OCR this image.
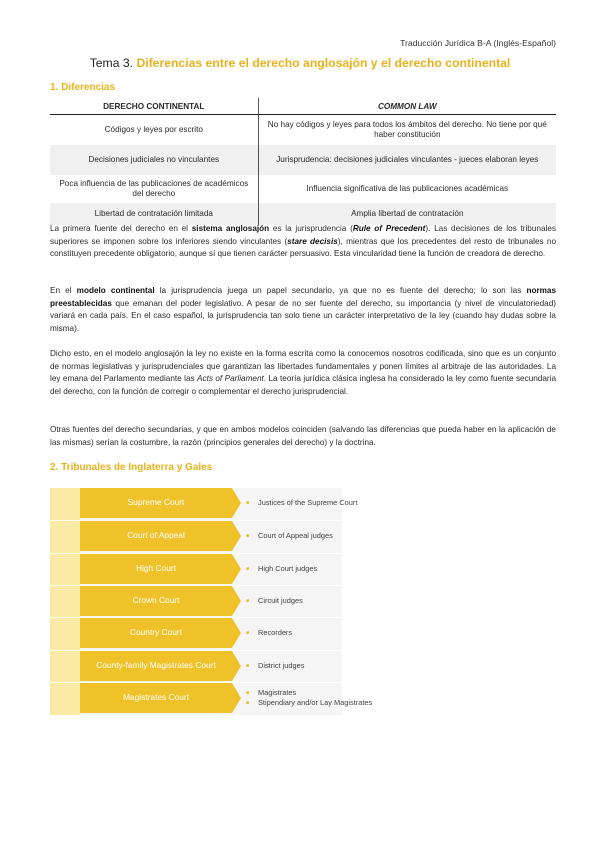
Traducción Jurídica B-A (Inglés-Español)
Tema 3. Diferencias entre el derecho anglosajón y el derecho continental
1. Diferencias
DERECHO CONTINENTAL	COMMON LAW
Códigos y leyes por escrito	No hay códigos y leyes para todos los ámbitos del derecho. No tiene por qué haber constitución
Decisiones judiciales no vinculantes	Jurisprudencia: decisiones judiciales vinculantes - jueces elaboran leyes
Poca influencia de las publicaciones de académicos del derecho	Influencia significativa de las publicaciones académicas
Libertad de contratación limitada	Amplia libertad de contratación

La primera fuente del derecho en el sistema anglosajón es la jurisprudencia (Rule of Precedent). Las decisiones de los tribunales superiores se imponen sobre los inferiores siendo vinculantes (stare decisis), mientras que los precedentes del resto de tribunales no constituyen precedente obligatorio, aunque sí que tienen carácter persuasivo. Esta vincularidad tiene la función de creadora de derecho.

En el modelo continental la jurisprudencia juega un papel secundario, ya que no es fuente del derecho; lo son las normas preestablecidas que emanan del poder legislativo. A pesar de no ser fuente del derecho, su importancia (y nivel de vinculatoriedad) variará en cada país. En el caso español, la jurisprudencia tan solo tiene un carácter interpretativo de la ley (cuando hay dudas sobre la misma).

Dicho esto, en el modelo anglosajón la ley no existe en la forma escrita como la conocemos nosotros codificada, sino que es un conjunto de normas legislativas y jurisprudenciales que garantizan las libertades fundamentales y ponen límites al arbitraje de las autoridades. La ley emana del Parlamento mediante las Acts of Parliament. La teoría jurídica clásica inglesa ha considerado la ley como fuente secundaria del derecho, con la función de corregir o complementar el derecho jurisprudencial.

Otras fuentes del derecho secundarias, y que en ambos modelos coinciden (salvando las diferencias que pueda haber en la aplicación de las mismas) serían la costumbre, la razón (principios generales del derecho) y la doctrina.

2. Tribunales de Inglaterra y Gales
Supreme Court	■ Justices of the Supreme Court
Court of Appeal	■ Court of Appeal judges
High Court	■ High Court judges
Crown Court	■ Circuit judges
Country Court	■ Recorders
County-family Magistrates Court	■ District judges
Magistrates Court	■ Magistrates
■ Stipendiary and/or Lay Magistrates
